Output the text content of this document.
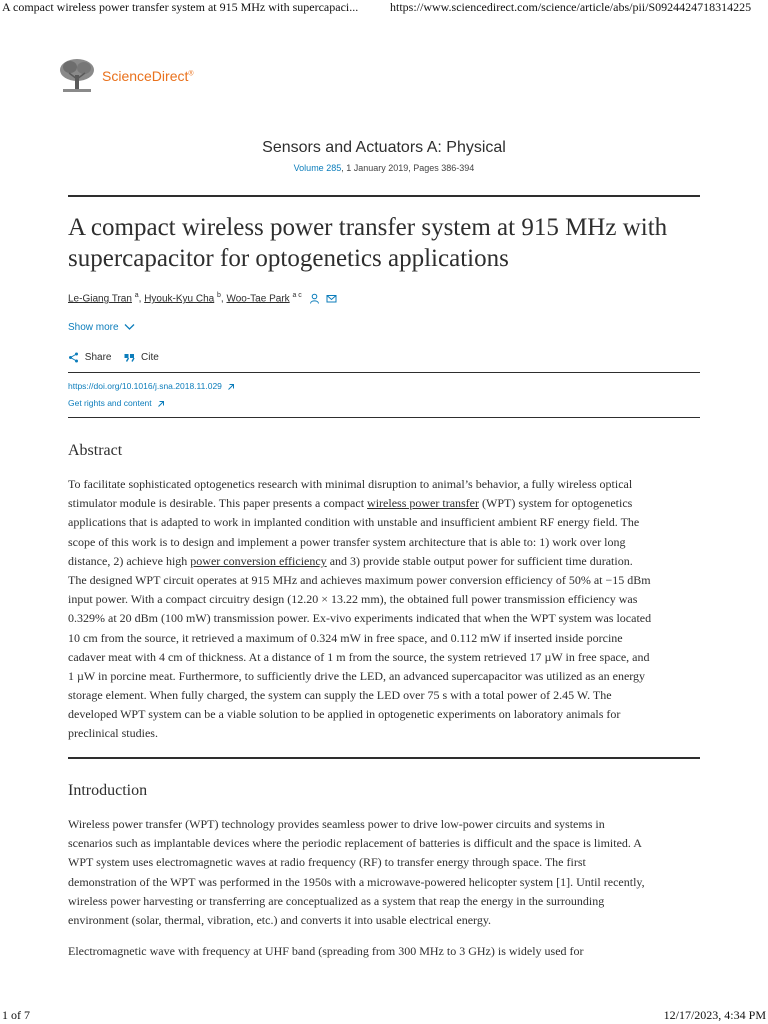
A compact wireless power transfer system at 915 MHz with supercapaci...	https://www.sciencedirect.com/science/article/abs/pii/S0924424718314225
ScienceDirect®
Sensors and Actuators A: Physical
Volume 285, 1 January 2019, Pages 386-394
A compact wireless power transfer system at 915 MHz with
supercapacitor for optogenetics applications
Le-Giang Tran $^a$, Hyouk-Kyu Cha $^b$, Woo-Tae Park $^{a c}$
Show more
Share	Cite
https://doi.org/10.1016/j.sna.2018.11.029
Get rights and content
Abstract
To facilitate sophisticated optogenetics research with minimal disruption to animal’s behavior, a fully wireless optical
stimulator module is desirable. This paper presents a compact wireless power transfer (WPT) system for optogenetics
applications that is adapted to work in implanted condition with unstable and insufficient ambient RF energy field. The
scope of this work is to design and implement a power transfer system architecture that is able to: 1) work over long
distance, 2) achieve high power conversion efficiency and 3) provide stable output power for sufficient time duration.
The designed WPT circuit operates at 915 MHz and achieves maximum power conversion efficiency of 50% at −15 dBm
input power. With a compact circuitry design (12.20 × 13.22 mm), the obtained full power transmission efficiency was
0.329% at 20 dBm (100 mW) transmission power. Ex-vivo experiments indicated that when the WPT system was located
10 cm from the source, it retrieved a maximum of 0.324 mW in free space, and 0.112 mW if inserted inside porcine
cadaver meat with 4 cm of thickness. At a distance of 1 m from the source, the system retrieved 17 µW in free space, and
1 µW in porcine meat. Furthermore, to sufficiently drive the LED, an advanced supercapacitor was utilized as an energy
storage element. When fully charged, the system can supply the LED over 75 s with a total power of 2.45 W. The
developed WPT system can be a viable solution to be applied in optogenetic experiments on laboratory animals for
preclinical studies.
Introduction
Wireless power transfer (WPT) technology provides seamless power to drive low-power circuits and systems in
scenarios such as implantable devices where the periodic replacement of batteries is difficult and the space is limited. A
WPT system uses electromagnetic waves at radio frequency (RF) to transfer energy through space. The first
demonstration of the WPT was performed in the 1950s with a microwave-powered helicopter system [1]. Until recently,
wireless power harvesting or transferring are conceptualized as a system that reap the energy in the surrounding
environment (solar, thermal, vibration, etc.) and converts it into usable electrical energy.
Electromagnetic wave with frequency at UHF band (spreading from 300 MHz to 3 GHz) is widely used for
1 of 7	12/17/2023, 4:34 PM
